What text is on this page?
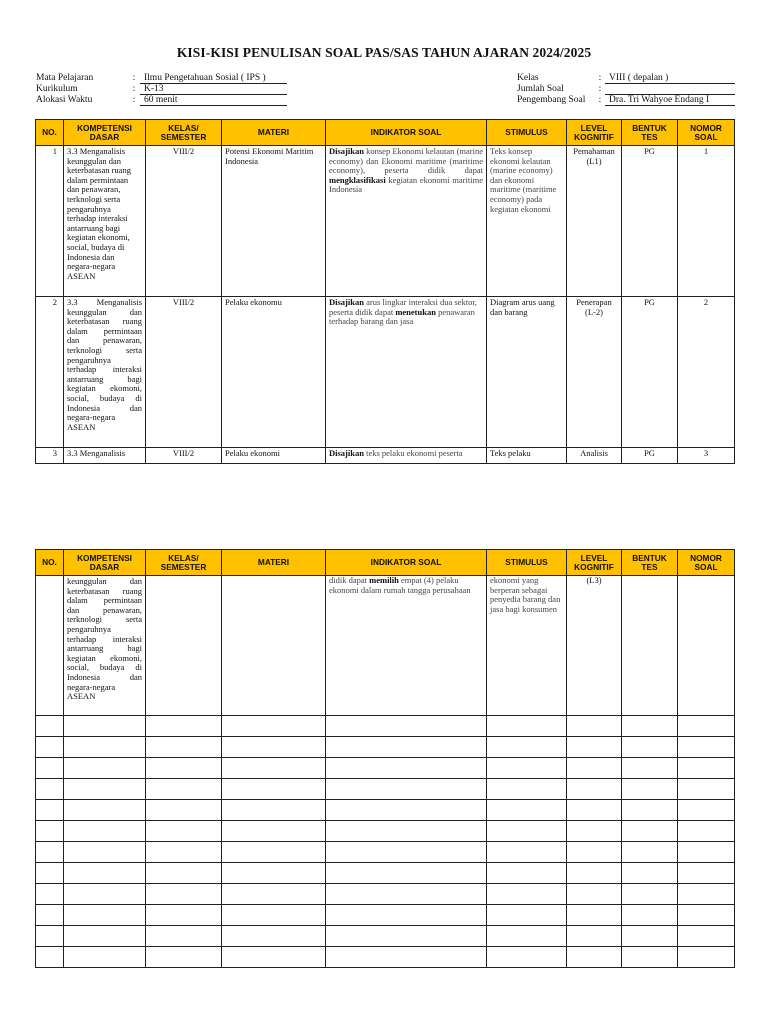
KISI-KISI PENULISAN SOAL PAS/SAS TAHUN AJARAN 2024/2025
Mata Pelajaran	: Ilmu Pengetahuan Sosial ( IPS )
Kurikulum	: K-13
Alokasi Waktu	: 60 menit
Kelas	: VIII ( depalan )
Jumlah Soal	:
Pengembang Soal	: Dra. Tri Wahyoe Endang I
NO.	KOMPETENSI DASAR	KELAS/ SEMESTER	MATERI	INDIKATOR SOAL	STIMULUS	LEVEL KOGNITIF	BENTUK TES	NOMOR SOAL
1	3.3 Menganalisis keunggulan dan keterbatasan ruang dalam permintaan dan penawaran, terknologi serta pengaruhnya terhadap interaksi antarruang bagi kegiatan ekonomi, social, budaya di Indonesia dan negara-negara ASEAN	VIII/2	Potensi Ekonomi Maritim Indonesia	Disajikan konsep Ekonomi kelautan (marine economy) dan Ekonomi maritime (maritime economy), peserta didik dapat mengklasifikasi kegiatan ekonomi maritime Indonesia	Teks konsep ekonomi kelautan (marine economy) dan ekonomi maritime (maritime economy) pada kegiatan ekonomi	Pemahaman (L1)	PG	1
2	3.3 Menganalisis keunggulan dan keterbatasan ruang dalam permintaan dan penawaran, terknologi serta pengaruhnya terhadap interaksi antarruang bagi kegiatan ekomoni, social, budaya di Indonesia dan negara-negara ASEAN	VIII/2	Pelaku ekonomu	Disajikan arus lingkar interaksi dua sektor, peserta didik dapat menetukan penawaran terhadap barang dan jasa	Diagram arus uang dan barang	Penerapan (L-2)	PG	2
3	3.3 Menganalisis	VIII/2	Pelaku ekonomi	Disajikan teks pelaku ekonomi peserta	Teks pelaku	Analisis	PG	3
NO.	KOMPETENSI DASAR	KELAS/ SEMESTER	MATERI	INDIKATOR SOAL	STIMULUS	LEVEL KOGNITIF	BENTUK TES	NOMOR SOAL
	keunggulan dan keterbatasan ruang dalam permintaan dan penawaran, terknologi serta pengaruhnya terhadap interaksi antarruang bagi kegiatan ekomoni, social, budaya di Indonesia dan negara-negara ASEAN			didik dapat memilih empat (4) pelaku ekonomi dalam rumah tangga perusahaan	ekonomi yang berperan sebagai penyedia barang dan jasa bagi konsumen	(L3)		
